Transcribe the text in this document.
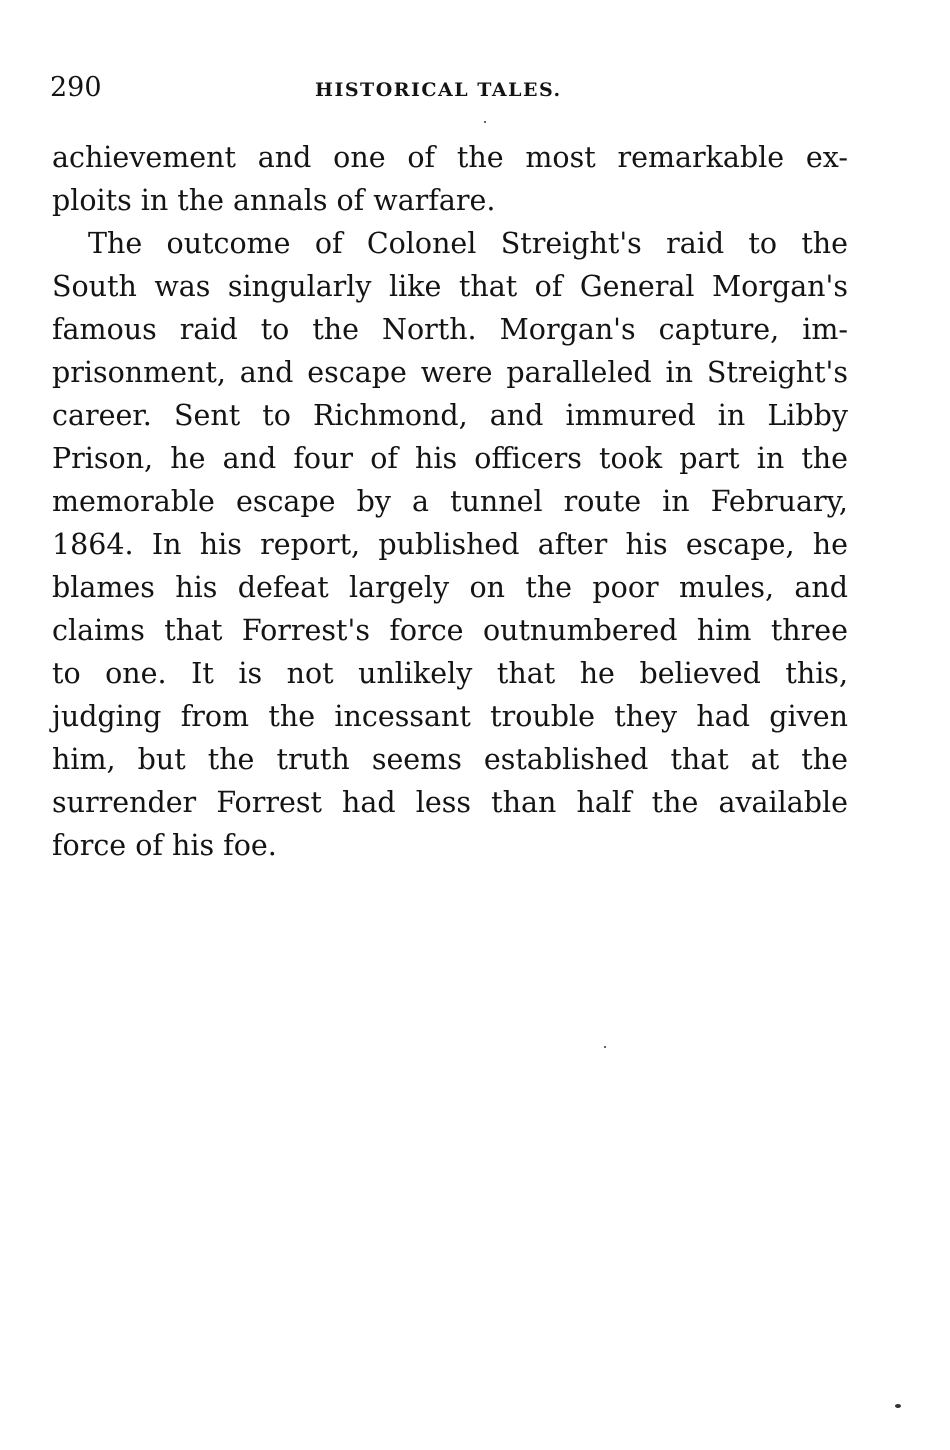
290	HISTORICAL TALES.
achievement and one of the most remarkable ex-
ploits in the annals of warfare.
The outcome of Colonel Streight's raid to the
South was singularly like that of General Morgan's
famous raid to the North. Morgan's capture, im-
prisonment, and escape were paralleled in Streight's
career. Sent to Richmond, and immured in Libby
Prison, he and four of his officers took part in the
memorable escape by a tunnel route in February,
1864. In his report, published after his escape, he
blames his defeat largely on the poor mules, and
claims that Forrest's force outnumbered him three
to one. It is not unlikely that he believed this,
judging from the incessant trouble they had given
him, but the truth seems established that at the
surrender Forrest had less than half the available
force of his foe.
